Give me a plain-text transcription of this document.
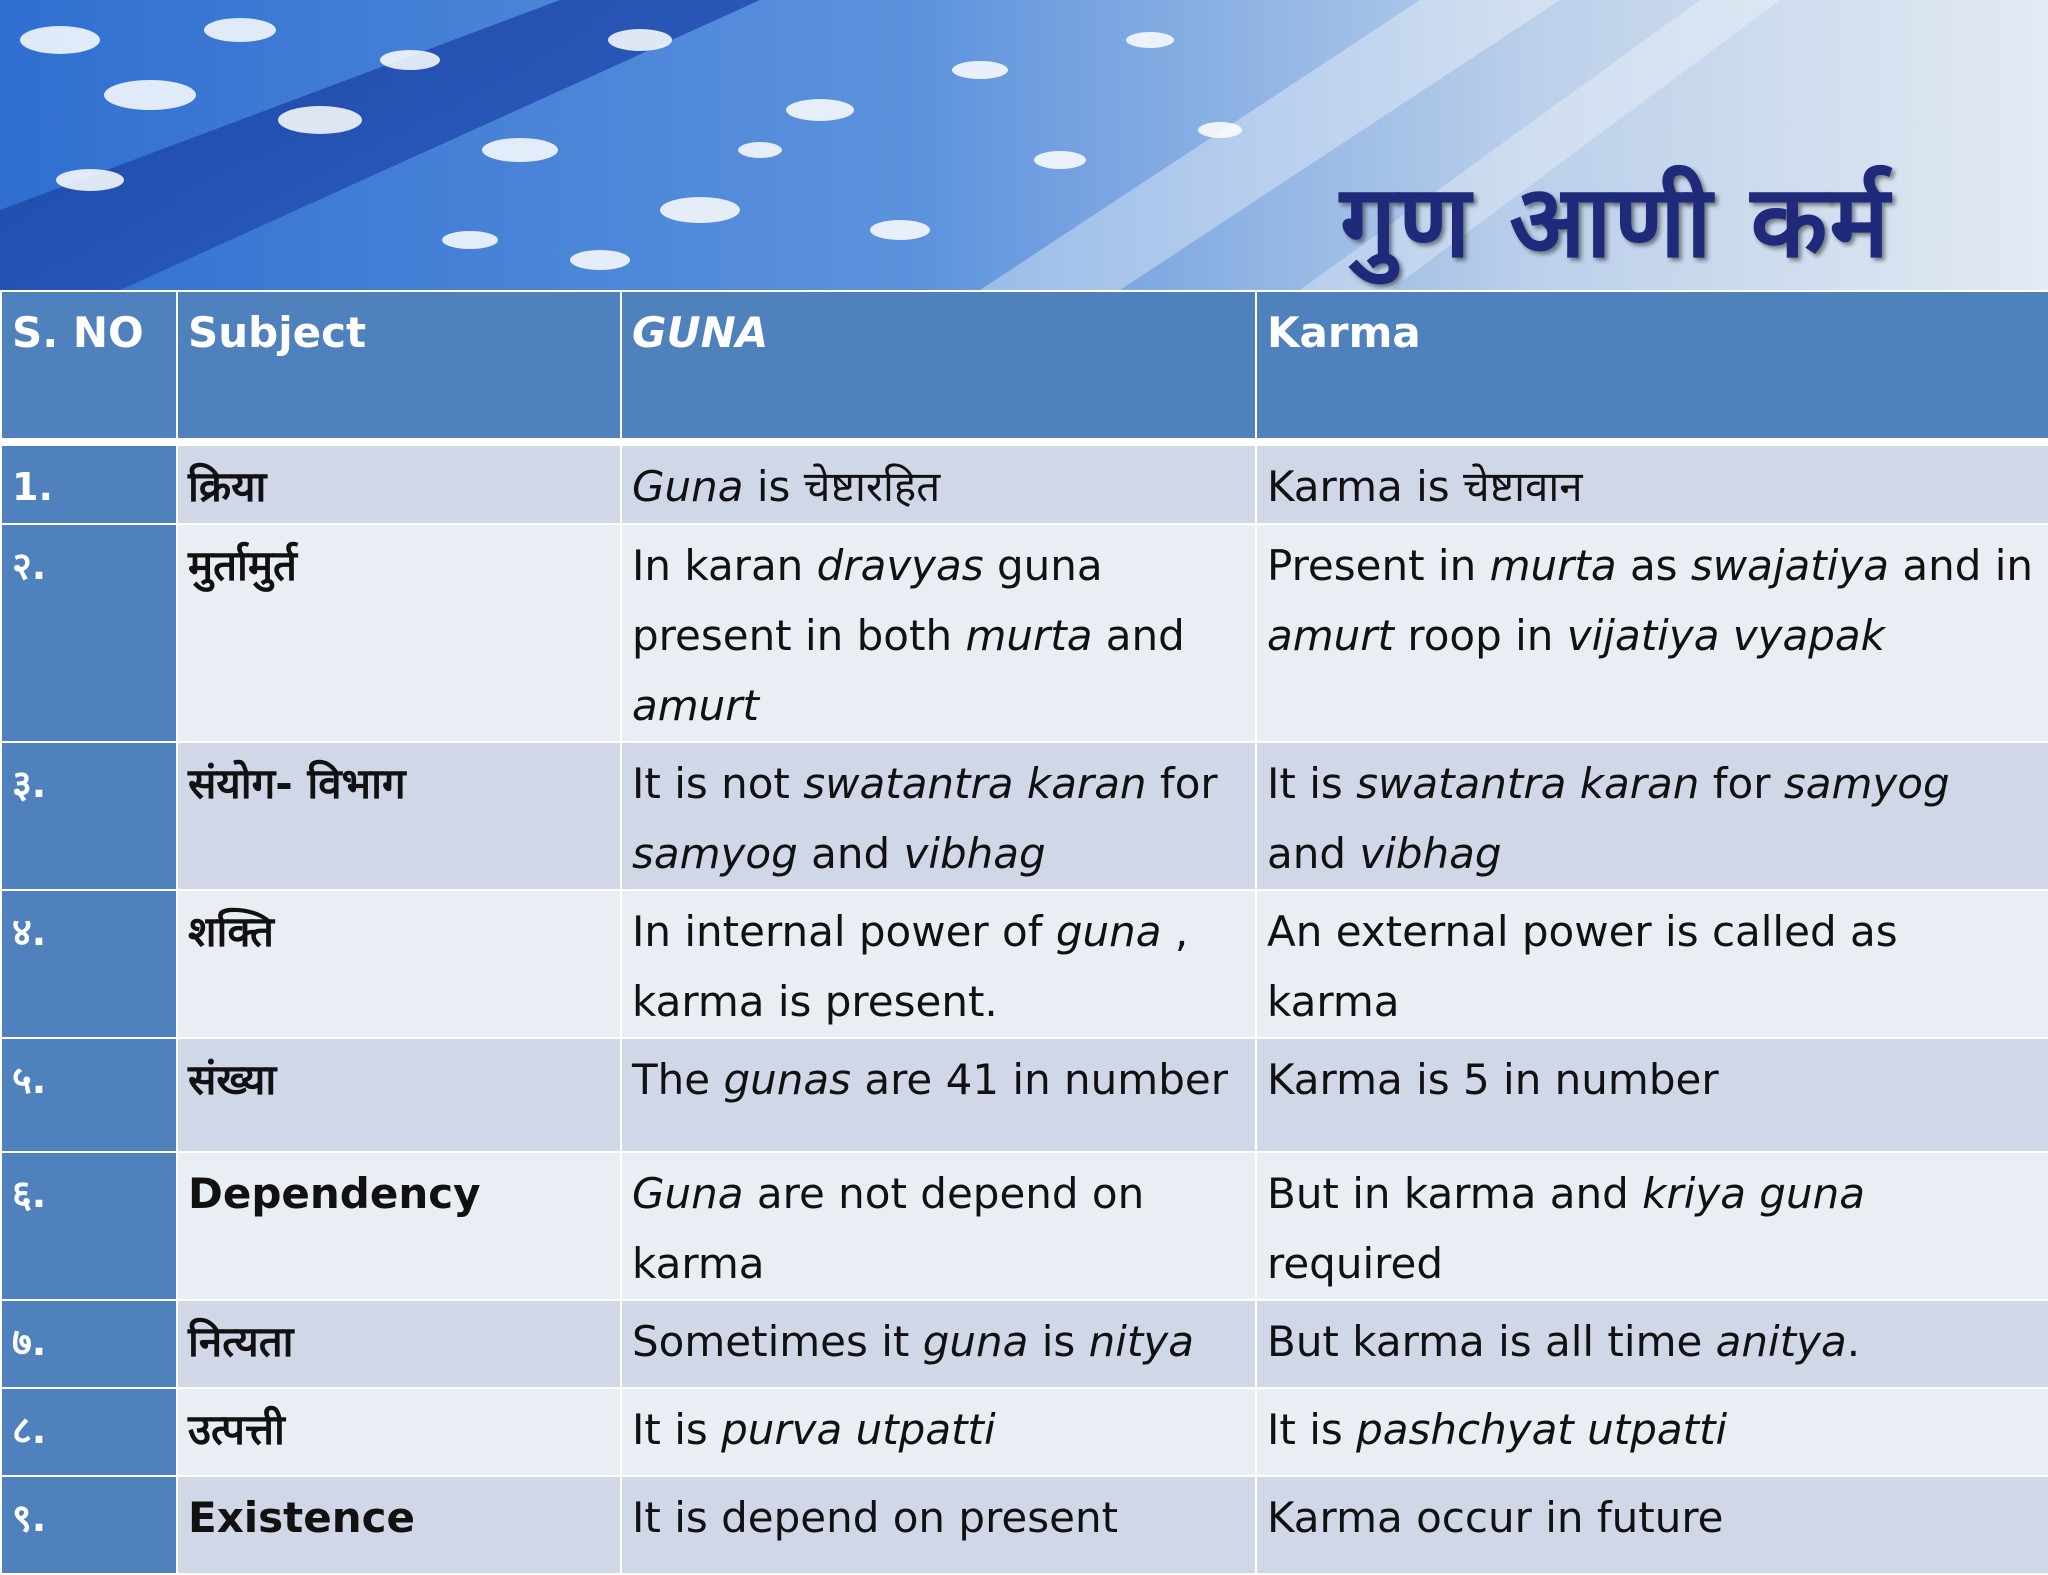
गुण आणी कर्म
S. NO	Subject	GUNA	Karma
1.	क्रिया	Guna is चेष्टारहित	Karma is चेष्टावान
२.	मुर्तामुर्त	In karan dravyas guna present in both murta and amurt	Present in murta as swajatiya and in amurt roop in vijatiya vyapak
३.	संयोग- विभाग	It is not swatantra karan for samyog and vibhag	It is swatantra karan for samyog and vibhag
४.	शक्ति	In internal power of guna , karma is present.	An external power is called as karma
५.	संख्या	The gunas are 41 in number	Karma is 5 in number
६.	Dependency	Guna are not depend on karma	But in karma and kriya guna required
७.	नित्यता	Sometimes it guna is nitya	But karma is all time anitya.
८.	उत्पत्ती	It is purva utpatti	It is pashchyat utpatti
९.	Existence	It is depend on present	Karma occur in future
